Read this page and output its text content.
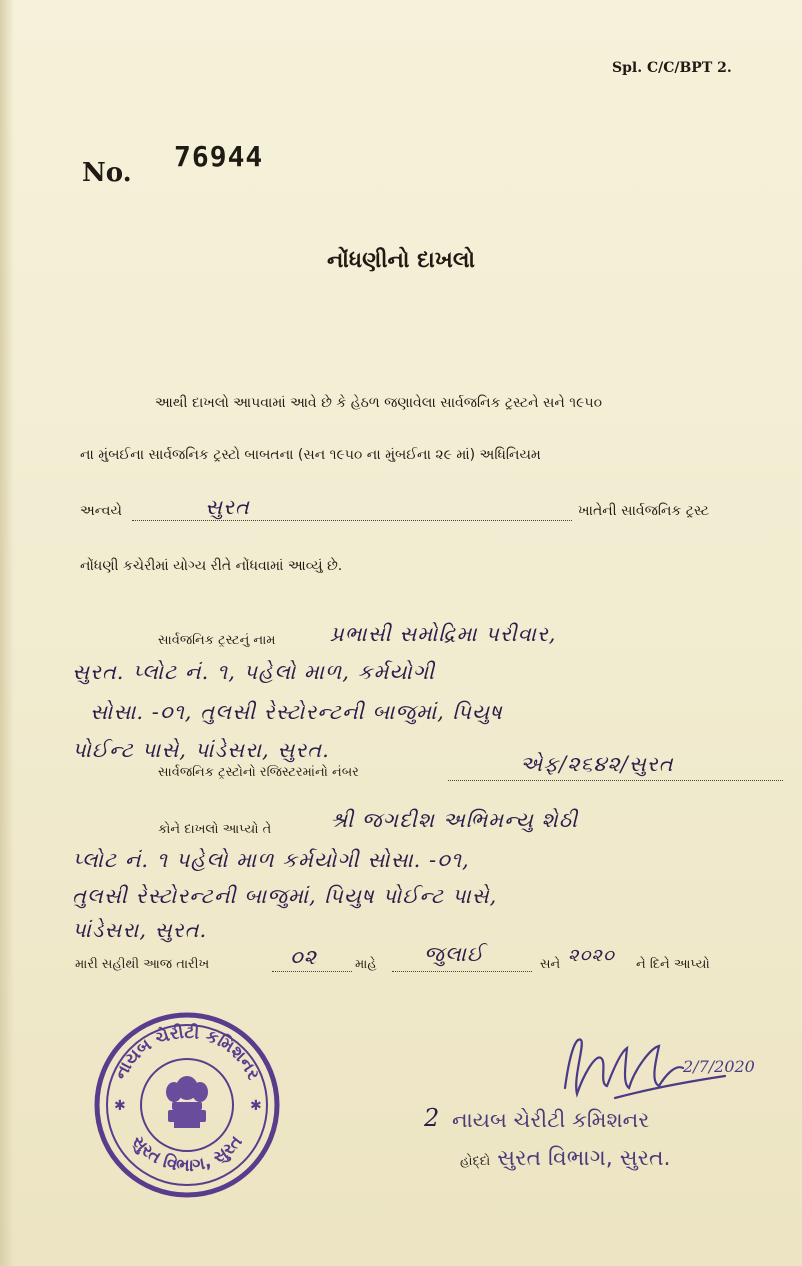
Spl. C/C/BPT 2.
No. 76944
નોંધણીનો દાખલો
આથી દાખલો આપવામાં આવે છે કે હેઠળ જણાવેલા સાર્વજનિક ટ્રસ્ટને સને ૧૯૫૦
ના મુંબઈના સાર્વજનિક ટ્રસ્ટો બાબતના (સન ૧૯૫૦ ના મુંબઈના ૨૯ માં) અધિનિયમ
અન્વયે	સુરત	ખાતેની સાર્વજનિક ટ્રસ્ટ
નોંધણી કચેરીમાં યોગ્ય રીતે નોંધવામાં આવ્યું છે.
સાર્વજનિક ટ્રસ્ટનું નામ	પ્રભાસી સમોદ્રિમા પરીવાર,
સુરત. પ્લોટ નં. ૧, પહેલો માળ, કર્મયોગી
સોસા. -૦૧, તુલસી રેસ્ટોરન્ટની બાજુમાં, પિયુષ
પોઈન્ટ પાસે, પાંડેસરા, સુરત.
સાર્વજનિક ટ્રસ્ટોનો રજિસ્ટરમાંનો નંબર	એફ/૨૬૪૨/સુરત
કોને દાખલો આપ્યો તે	શ્રી જગદીશ અભિમન્યુ શેઠી
પ્લોટ નં. ૧ પહેલો માળ કર્મયોગી સોસા. -૦૧,
તુલસી રેસ્ટોરન્ટની બાજુમાં, પિયુષ પોઈન્ટ પાસે,
પાંડેસરા, સુરત.
મારી સહીથી આજ તારીખ	૦૨	માહે જુલાઈ	સને ૨૦૨૦ ને દિને આપ્યો
નાયબ ચેરીટી કમિશનર
સુરત વિભાગ, સુરત
✱	✱
2/7/2020
2 નાયબ ચેરીટી કમિશનર
હોદ્દો સુરત વિભાગ, સુરત.
